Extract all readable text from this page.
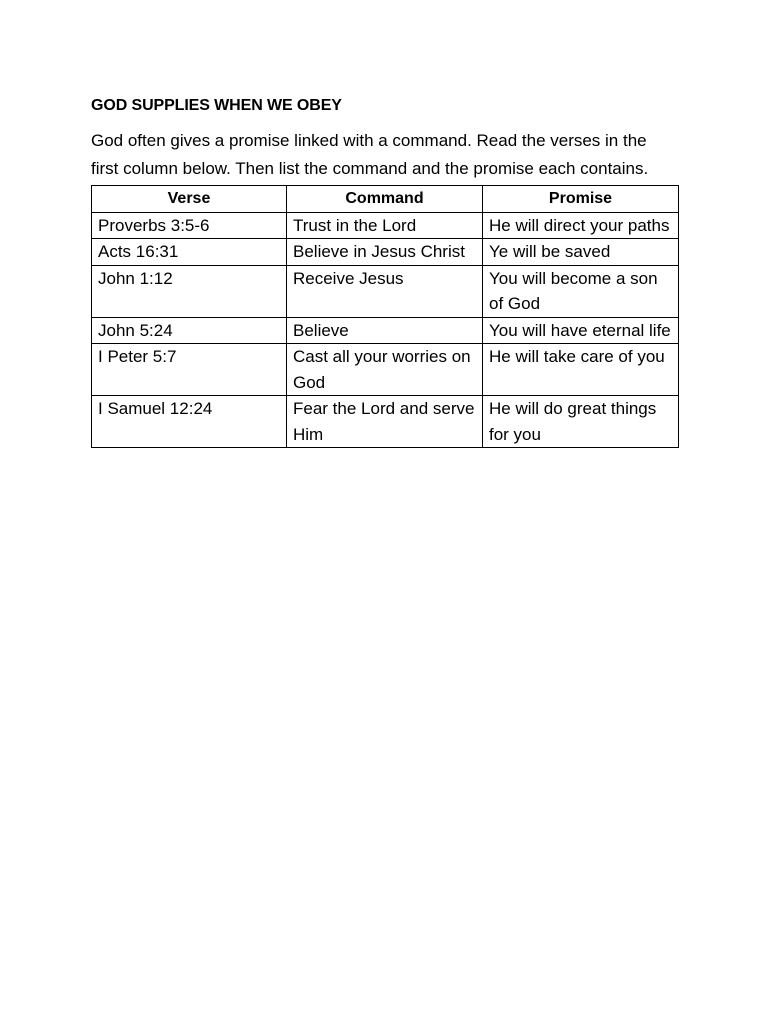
GOD SUPPLIES WHEN WE OBEY
God often gives a promise linked with a command. Read the verses in the first column below. Then list the command and the promise each contains.
Verse	Command	Promise
Proverbs 3:5-6	Trust in the Lord	He will direct your paths
Acts 16:31	Believe in Jesus Christ	Ye will be saved
John 1:12	Receive Jesus	You will become a son of God
John 5:24	Believe	You will have eternal life
I Peter 5:7	Cast all your worries on God	He will take care of you
I Samuel 12:24	Fear the Lord and serve Him	He will do great things for you
